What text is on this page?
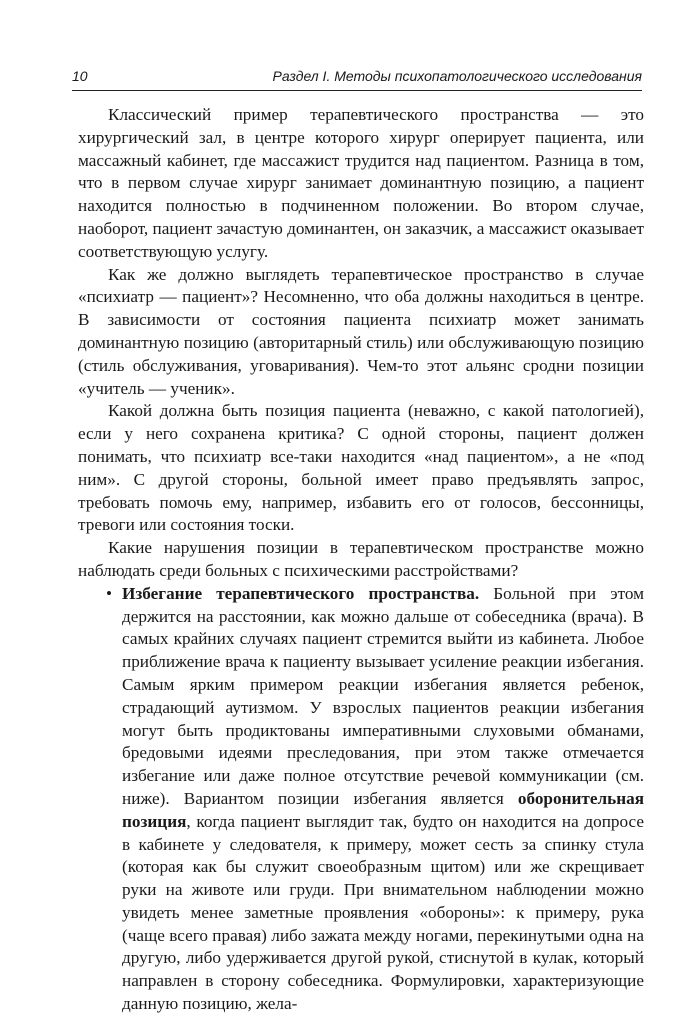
10	Раздел I. Методы психопатологического исследования

Классический пример терапевтического пространства — это хирургический зал, в центре которого хирург оперирует пациента, или массажный кабинет, где массажист трудится над пациентом. Разница в том, что в первом случае хирург занимает доминантную позицию, а пациент находится полностью в подчиненном положении. Во втором случае, наоборот, пациент зачастую доминантен, он заказчик, а массажист оказывает соответствующую услугу.

Как же должно выглядеть терапевтическое пространство в случае «психиатр — пациент»? Несомненно, что оба должны находиться в центре. В зависимости от состояния пациента психиатр может занимать доминантную позицию (авторитарный стиль) или обслуживающую позицию (стиль обслуживания, уговаривания). Чем-то этот альянс сродни позиции «учитель — ученик».

Какой должна быть позиция пациента (неважно, с какой патологией), если у него сохранена критика? С одной стороны, пациент должен понимать, что психиатр все-таки находится «над пациентом», а не «под ним». С другой стороны, больной имеет право предъявлять запрос, требовать помочь ему, например, избавить его от голосов, бессонницы, тревоги или состояния тоски.

Какие нарушения позиции в терапевтическом пространстве можно наблюдать среди больных с психическими расстройствами?

• Избегание терапевтического пространства. Больной при этом держится на расстоянии, как можно дальше от собеседника (врача). В самых крайних случаях пациент стремится выйти из кабинета. Любое приближение врача к пациенту вызывает усиление реакции избегания. Самым ярким примером реакции избегания является ребенок, страдающий аутизмом. У взрослых пациентов реакции избегания могут быть продиктованы императивными слуховыми обманами, бредовыми идеями преследования, при этом также отмечается избегание или даже полное отсутствие речевой коммуникации (см. ниже). Вариантом позиции избегания является оборонительная позиция, когда пациент выглядит так, будто он находится на допросе в кабинете у следователя, к примеру, может сесть за спинку стула (которая как бы служит своеобразным щитом) или же скрещивает руки на животе или груди. При внимательном наблюдении можно увидеть менее заметные проявления «обороны»: к примеру, рука (чаще всего правая) либо зажата между ногами, перекинутыми одна на другую, либо удерживается другой рукой, стиснутой в кулак, который направлен в сторону собеседника. Формулировки, характеризующие данную позицию, жела-
